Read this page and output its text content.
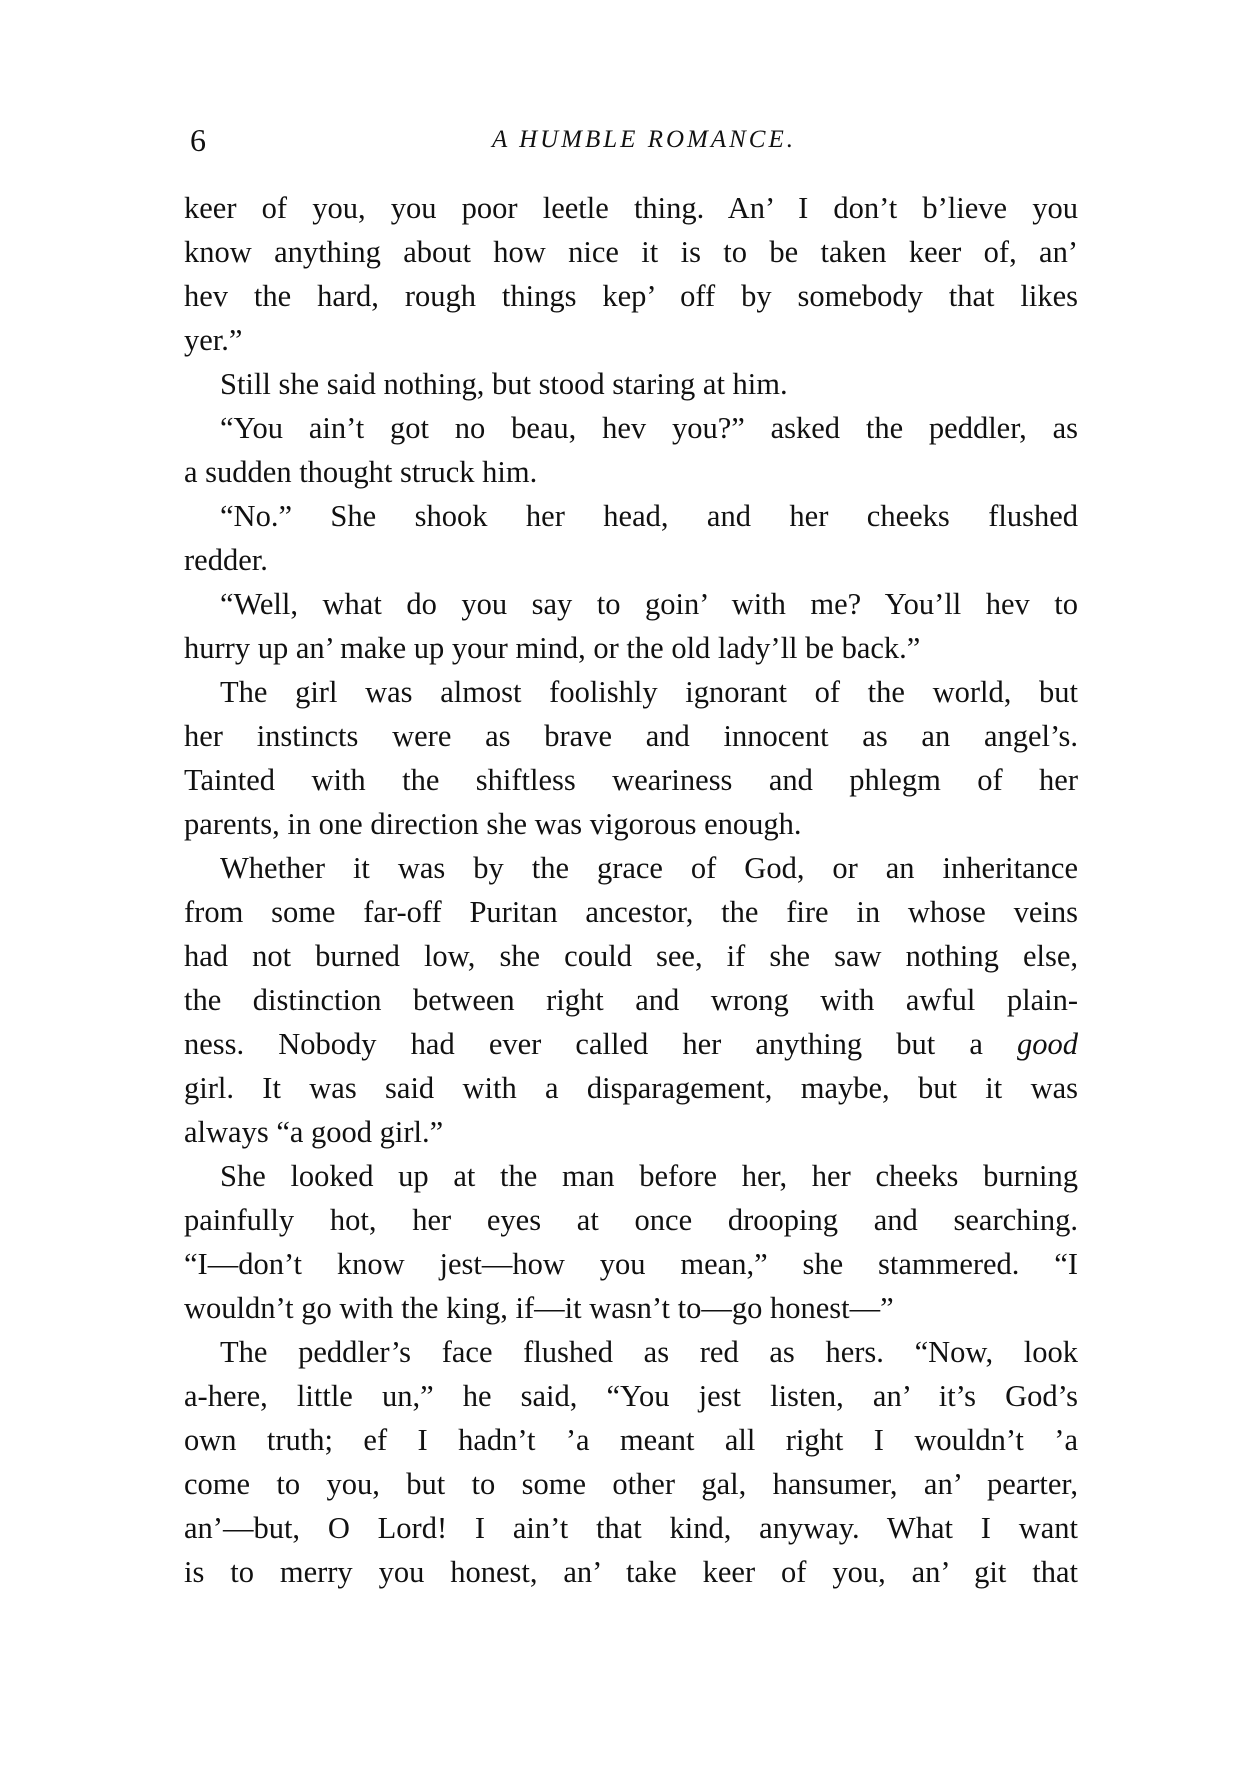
6	A HUMBLE ROMANCE.
keer of you, you poor leetle thing. An’ I don’t b’lieve you
know anything about how nice it is to be taken keer of, an’
hev the hard, rough things kep’ off by somebody that likes
yer.”
Still she said nothing, but stood staring at him.
“You ain’t got no beau, hev you?” asked the peddler, as
a sudden thought struck him.
“No.” She shook her head, and her cheeks flushed
redder.
“Well, what do you say to goin’ with me? You’ll hev to
hurry up an’ make up your mind, or the old lady’ll be back.”
The girl was almost foolishly ignorant of the world, but
her instincts were as brave and innocent as an angel’s.
Tainted with the shiftless weariness and phlegm of her
parents, in one direction she was vigorous enough.
Whether it was by the grace of God, or an inheritance
from some far-off Puritan ancestor, the fire in whose veins
had not burned low, she could see, if she saw nothing else,
the distinction between right and wrong with awful plain-
ness. Nobody had ever called her anything but a good
girl. It was said with a disparagement, maybe, but it was
always “a good girl.”
She looked up at the man before her, her cheeks burning
painfully hot, her eyes at once drooping and searching.
“I—don’t know jest—how you mean,” she stammered. “I
wouldn’t go with the king, if—it wasn’t to—go honest—”
The peddler’s face flushed as red as hers. “Now, look
a-here, little un,” he said, “You jest listen, an’ it’s God’s
own truth; ef I hadn’t ’a meant all right I wouldn’t ’a
come to you, but to some other gal, hansumer, an’ pearter,
an’—but, O Lord! I ain’t that kind, anyway. What I want
is to merry you honest, an’ take keer of you, an’ git that
